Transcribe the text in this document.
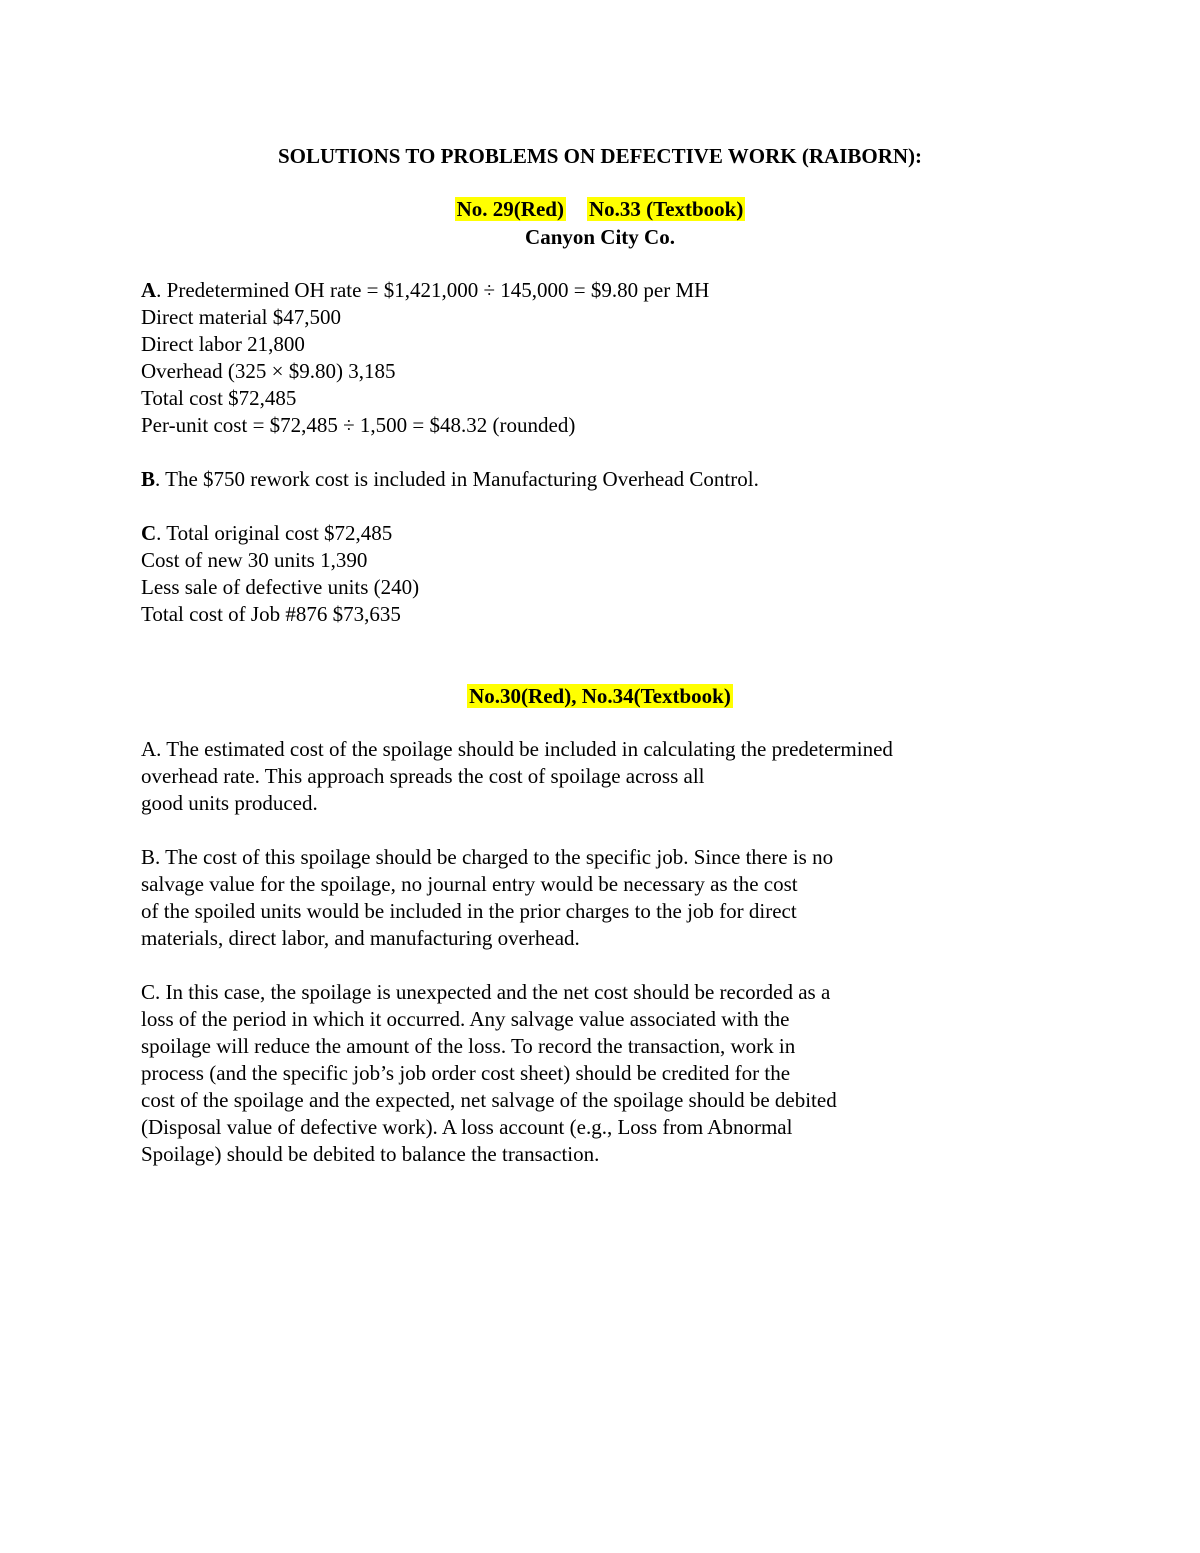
SOLUTIONS TO PROBLEMS ON DEFECTIVE WORK (RAIBORN):
No. 29(Red) No.33 (Textbook)
Canyon City Co.
A. Predetermined OH rate = $1,421,000 ÷ 145,000 = $9.80 per MH
Direct material $47,500
Direct labor 21,800
Overhead (325 × $9.80) 3,185
Total cost $72,485
Per-unit cost = $72,485 ÷ 1,500 = $48.32 (rounded)
B. The $750 rework cost is included in Manufacturing Overhead Control.
C. Total original cost $72,485
Cost of new 30 units 1,390
Less sale of defective units (240)
Total cost of Job #876 $73,635
No.30(Red), No.34(Textbook)
A. The estimated cost of the spoilage should be included in calculating the predetermined
overhead rate. This approach spreads the cost of spoilage across all
good units produced.
B. The cost of this spoilage should be charged to the specific job. Since there is no
salvage value for the spoilage, no journal entry would be necessary as the cost
of the spoiled units would be included in the prior charges to the job for direct
materials, direct labor, and manufacturing overhead.
C. In this case, the spoilage is unexpected and the net cost should be recorded as a
loss of the period in which it occurred. Any salvage value associated with the
spoilage will reduce the amount of the loss. To record the transaction, work in
process (and the specific job’s job order cost sheet) should be credited for the
cost of the spoilage and the expected, net salvage of the spoilage should be debited
(Disposal value of defective work). A loss account (e.g., Loss from Abnormal
Spoilage) should be debited to balance the transaction.
